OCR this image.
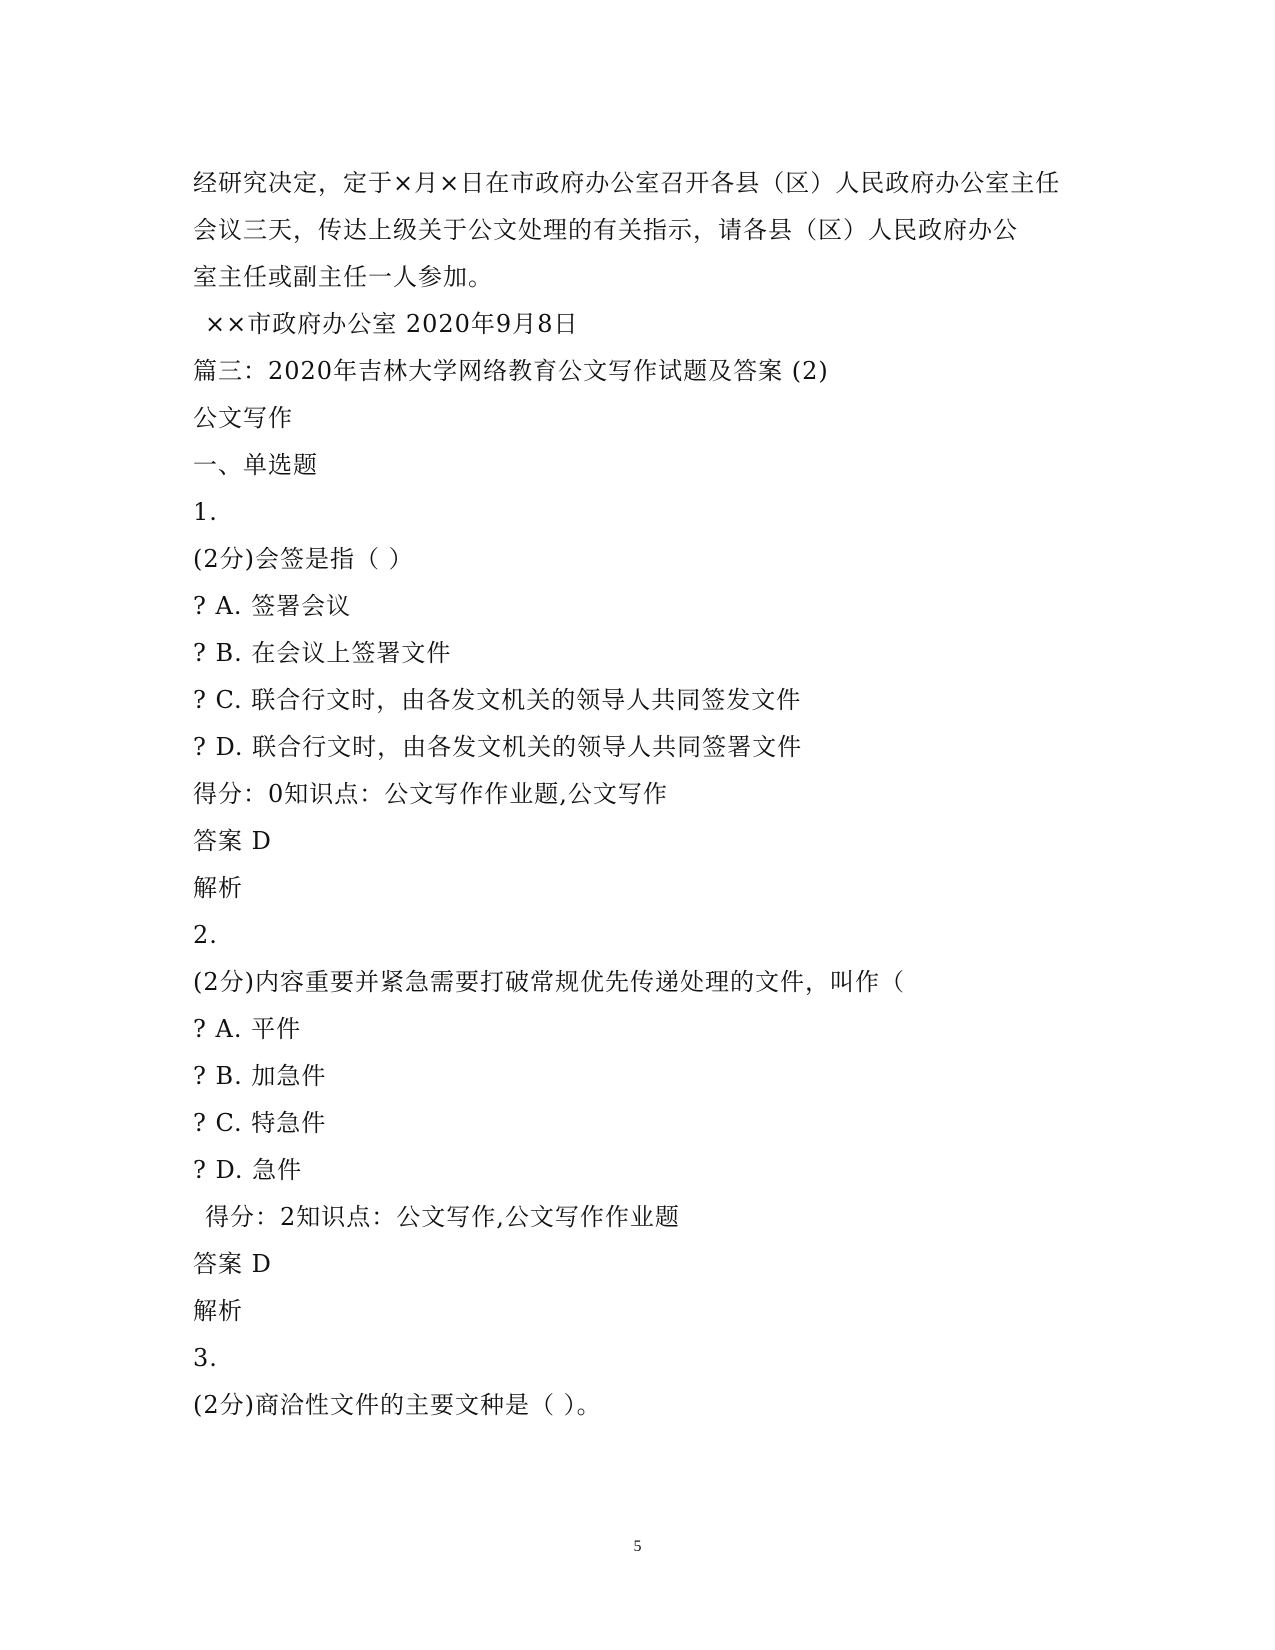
经研究决定，定于×月×日在市政府办公室召开各县（区）人民政府办公室主任
会议三天，传达上级关于公文处理的有关指示，请各县（区）人民政府办公
室主任或副主任一人参加。
××市政府办公室 2020年9月8日
篇三：2020年吉林大学网络教育公文写作试题及答案 (2)
公文写作
一、单选题
1.
(2分)会签是指（ ）
? A. 签署会议
? B. 在会议上签署文件
? C. 联合行文时，由各发文机关的领导人共同签发文件
? D. 联合行文时，由各发文机关的领导人共同签署文件
得分：0知识点：公文写作作业题,公文写作
答案 D
解析
2.
(2分)内容重要并紧急需要打破常规优先传递处理的文件，叫作（
? A. 平件
? B. 加急件
? C. 特急件
? D. 急件
得分：2知识点：公文写作,公文写作作业题
答案 D
解析
3.
(2分)商洽性文件的主要文种是（ ）。
5
